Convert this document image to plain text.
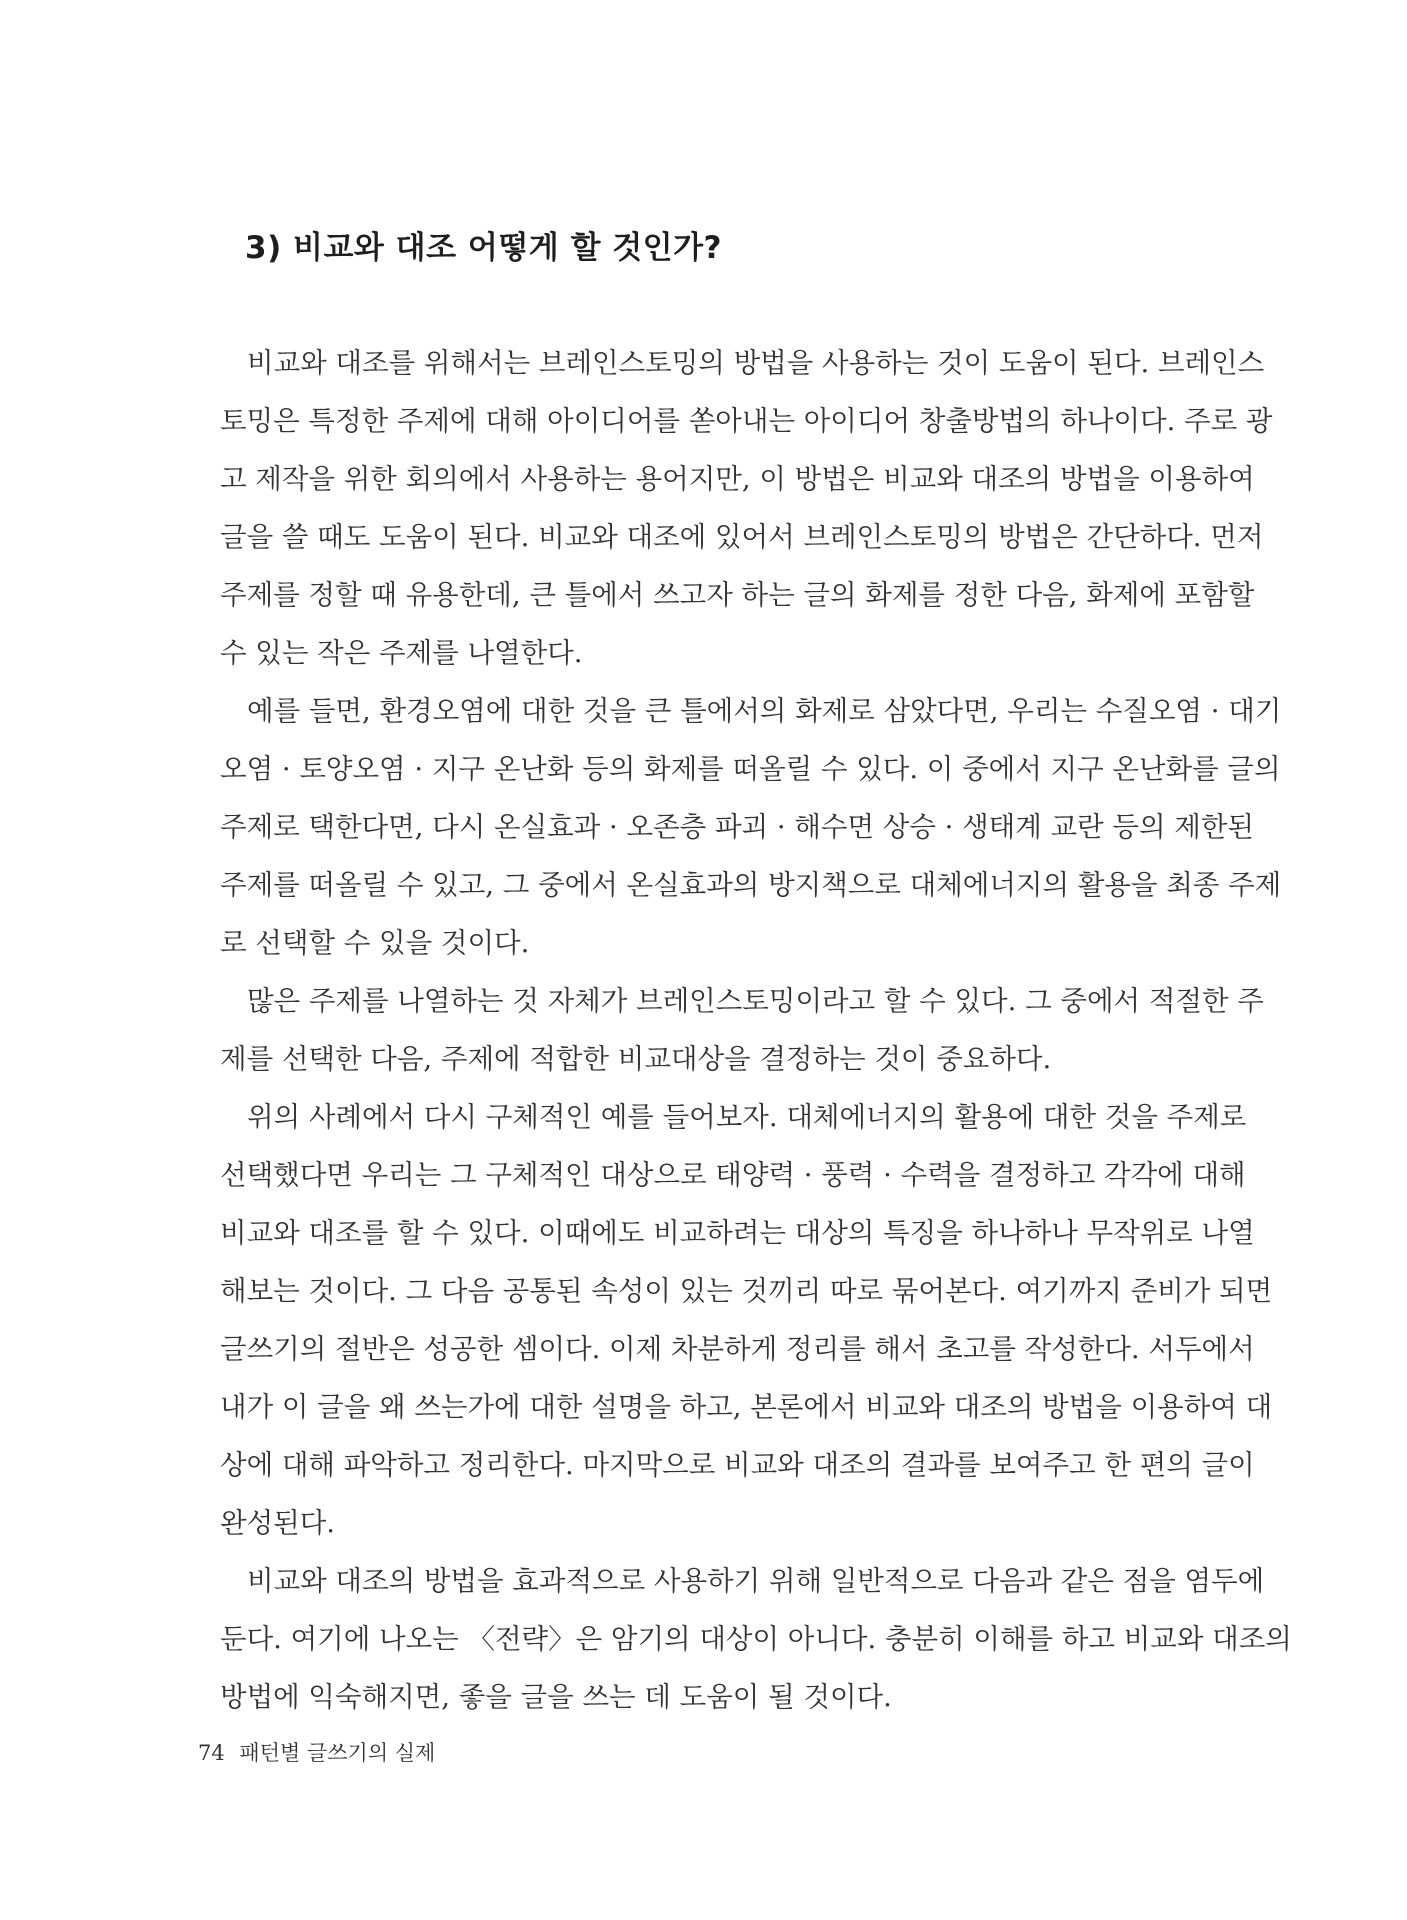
3) 비교와 대조 어떻게 할 것인가?
비교와 대조를 위해서는 브레인스토밍의 방법을 사용하는 것이 도움이 된다. 브레인스
토밍은 특정한 주제에 대해 아이디어를 쏟아내는 아이디어 창출방법의 하나이다. 주로 광
고 제작을 위한 회의에서 사용하는 용어지만, 이 방법은 비교와 대조의 방법을 이용하여
글을 쓸 때도 도움이 된다. 비교와 대조에 있어서 브레인스토밍의 방법은 간단하다. 먼저
주제를 정할 때 유용한데, 큰 틀에서 쓰고자 하는 글의 화제를 정한 다음, 화제에 포함할
수 있는 작은 주제를 나열한다.
예를 들면, 환경오염에 대한 것을 큰 틀에서의 화제로 삼았다면, 우리는 수질오염 · 대기
오염 · 토양오염 · 지구 온난화 등의 화제를 떠올릴 수 있다. 이 중에서 지구 온난화를 글의
주제로 택한다면, 다시 온실효과 · 오존층 파괴 · 해수면 상승 · 생태계 교란 등의 제한된
주제를 떠올릴 수 있고, 그 중에서 온실효과의 방지책으로 대체에너지의 활용을 최종 주제
로 선택할 수 있을 것이다.
많은 주제를 나열하는 것 자체가 브레인스토밍이라고 할 수 있다. 그 중에서 적절한 주
제를 선택한 다음, 주제에 적합한 비교대상을 결정하는 것이 중요하다.
위의 사례에서 다시 구체적인 예를 들어보자. 대체에너지의 활용에 대한 것을 주제로
선택했다면 우리는 그 구체적인 대상으로 태양력 · 풍력 · 수력을 결정하고 각각에 대해
비교와 대조를 할 수 있다. 이때에도 비교하려는 대상의 특징을 하나하나 무작위로 나열
해보는 것이다. 그 다음 공통된 속성이 있는 것끼리 따로 묶어본다. 여기까지 준비가 되면
글쓰기의 절반은 성공한 셈이다. 이제 차분하게 정리를 해서 초고를 작성한다. 서두에서
내가 이 글을 왜 쓰는가에 대한 설명을 하고, 본론에서 비교와 대조의 방법을 이용하여 대
상에 대해 파악하고 정리한다. 마지막으로 비교와 대조의 결과를 보여주고 한 편의 글이
완성된다.
비교와 대조의 방법을 효과적으로 사용하기 위해 일반적으로 다음과 같은 점을 염두에
둔다. 여기에 나오는 〈전략〉은 암기의 대상이 아니다. 충분히 이해를 하고 비교와 대조의
방법에 익숙해지면, 좋을 글을 쓰는 데 도움이 될 것이다.
74 패턴별 글쓰기의 실제
